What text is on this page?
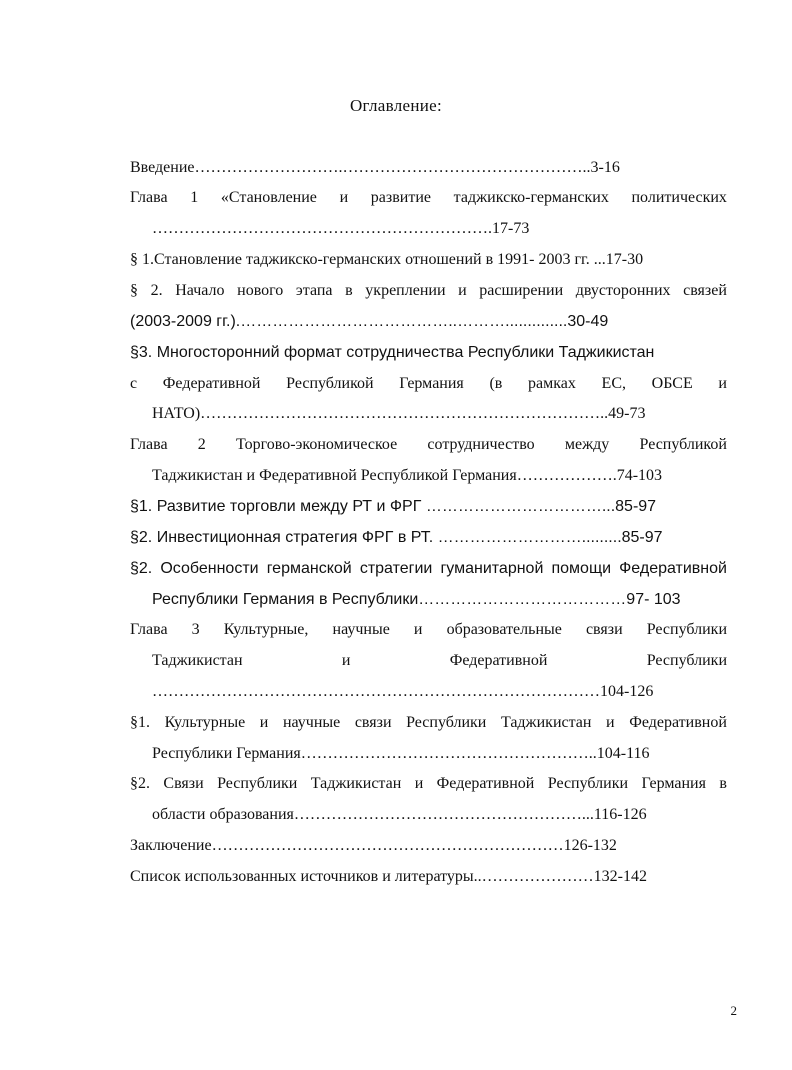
Оглавление:
Введение……………………….………………………………………..3-16
Глава 1 «Становление и развитие таджикско-германских политических
……………………………………………………….17-73
§ 1.Становление таджикско-германских отношений в 1991- 2003 гг. ...17-30
§ 2. Начало нового этапа в укреплении и расширении двусторонних связей
(2003-2009 гг.).…………………………………..………..............30-49
§3. Многосторонний формат сотрудничества Республики Таджикистан
с Федеративной Республикой Германия (в рамках ЕС, ОБСЕ и
НАТО)…………………………………………………………………..49-73
Глава 2 Торгово-экономическое сотрудничество между Республикой
Таджикистан и Федеративной Республикой Германия……………….74-103
§1. Развитие торговли между РТ и ФРГ ……………………………...85-97
§2. Инвестиционная стратегия ФРГ в РТ. ……………………….........85-97
§2. Особенности германской стратегии гуманитарной помощи Федеративной
Республики Германия в Республики…………………………………97- 103
Глава 3 Культурные, научные и образовательные связи Республики
Таджикистан	и	Федеративной	Республики
…………………………………………………………………………104-126
§1. Культурные и научные связи Республики Таджикистан и Федеративной
Республики Германия………………………………………………..104-116
§2. Связи Республики Таджикистан и Федеративной Республики Германия в
области образования………………………………………………...116-126
Заключение…………………………………………………………126-132
Список использованных источников и литературы..…………………132-142
2
